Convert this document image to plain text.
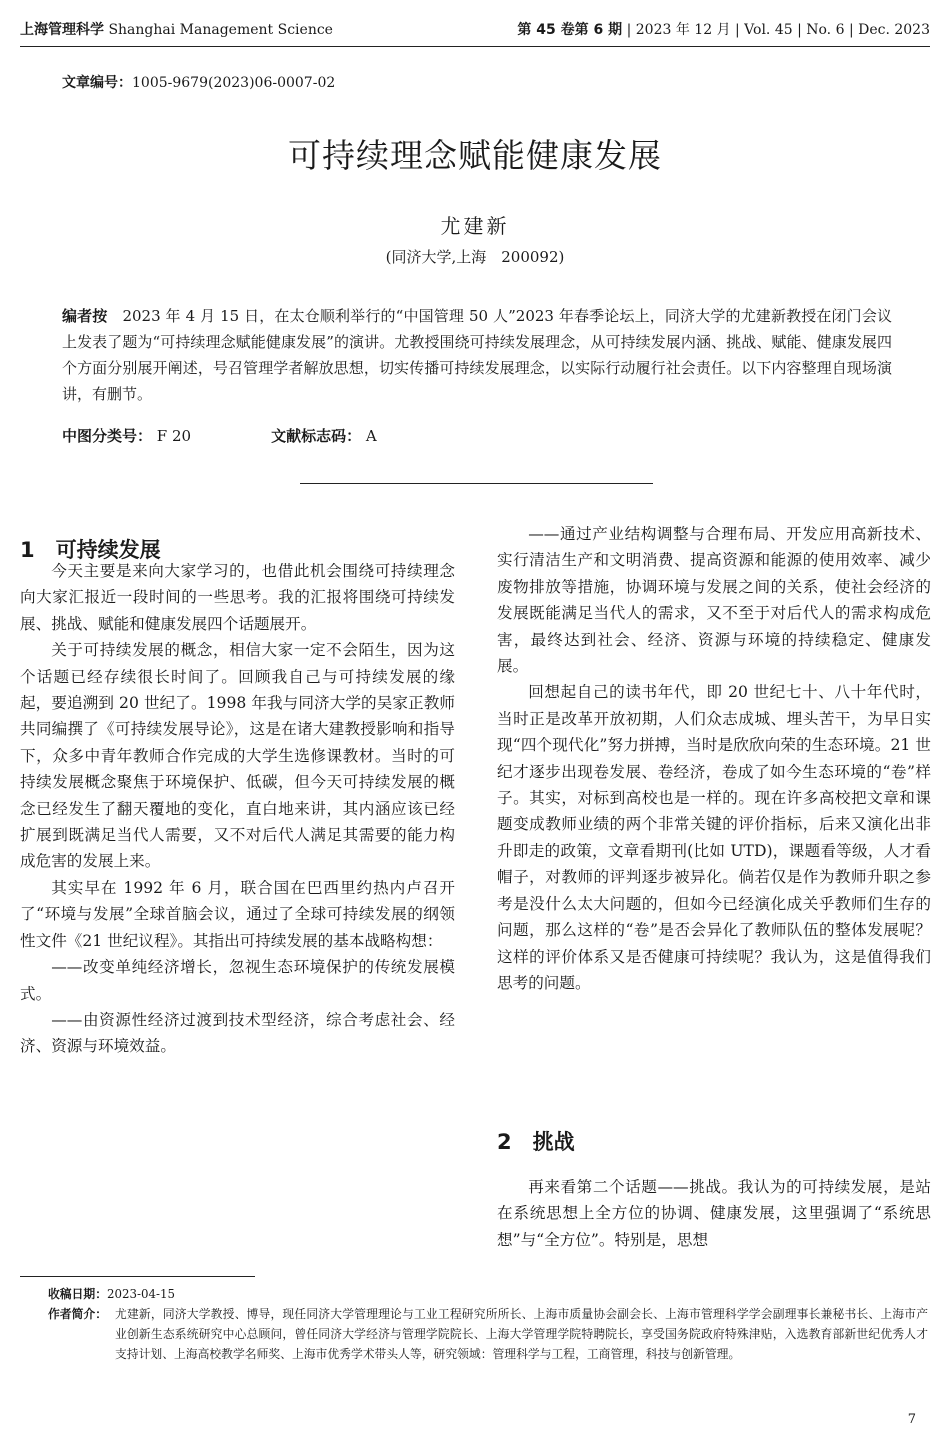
上海管理科学 Shanghai Management Science	第 45 卷第 6 期 | 2023 年 12 月 | Vol. 45 | No. 6 | Dec. 2023
文章编号：1005-9679(2023)06-0007-02
可持续理念赋能健康发展
尤建新
(同济大学,上海　200092)
编者按  2023 年 4 月 15 日，在太仓顺利举行的“中国管理 50 人”2023 年春季论坛上，同济大学的尤建新教授在闭门会议上发表了题为“可持续理念赋能健康发展”的演讲。尤教授围绕可持续发展理念，从可持续发展内涵、挑战、赋能、健康发展四个方面分别展开阐述，号召管理学者解放思想，切实传播可持续发展理念，以实际行动履行社会责任。以下内容整理自现场演讲，有删节。
中图分类号： F 20	文献标志码： A
1　可持续发展

今天主要是来向大家学习的，也借此机会围绕可持续理念向大家汇报近一段时间的一些思考。我的汇报将围绕可持续发展、挑战、赋能和健康发展四个话题展开。

关于可持续发展的概念，相信大家一定不会陌生，因为这个话题已经存续很长时间了。回顾我自己与可持续发展的缘起，要追溯到 20 世纪了。1998 年我与同济大学的吴家正教师共同编撰了《可持续发展导论》，这是在诸大建教授影响和指导下，众多中青年教师合作完成的大学生选修课教材。当时的可持续发展概念聚焦于环境保护、低碳，但今天可持续发展的概念已经发生了翻天覆地的变化，直白地来讲，其内涵应该已经扩展到既满足当代人需要，又不对后代人满足其需要的能力构成危害的发展上来。

其实早在 1992 年 6 月，联合国在巴西里约热内卢召开了“环境与发展”全球首脑会议，通过了全球可持续发展的纲领性文件《21 世纪议程》。其指出可持续发展的基本战略构想：

——改变单纯经济增长，忽视生态环境保护的传统发展模式。

——由资源性经济过渡到技术型经济，综合考虑社会、经济、资源与环境效益。

——通过产业结构调整与合理布局、开发应用高新技术、实行清洁生产和文明消费、提高资源和能源的使用效率、减少废物排放等措施，协调环境与发展之间的关系，使社会经济的发展既能满足当代人的需求，又不至于对后代人的需求构成危害，最终达到社会、经济、资源与环境的持续稳定、健康发展。

回想起自己的读书年代，即 20 世纪七十、八十年代时，当时正是改革开放初期，人们众志成城、埋头苦干，为早日实现“四个现代化”努力拼搏，当时是欣欣向荣的生态环境。21 世纪才逐步出现卷发展、卷经济，卷成了如今生态环境的“卷”样子。其实，对标到高校也是一样的。现在许多高校把文章和课题变成教师业绩的两个非常关键的评价指标，后来又演化出非升即走的政策，文章看期刊(比如 UTD)，课题看等级，人才看帽子，对教师的评判逐步被异化。倘若仅是作为教师升职之参考是没什么太大问题的，但如今已经演化成关乎教师们生存的问题，那么这样的“卷”是否会异化了教师队伍的整体发展呢？这样的评价体系又是否健康可持续呢？我认为，这是值得我们思考的问题。

2　挑战

再来看第二个话题——挑战。我认为的可持续发展，是站在系统思想上全方位的协调、健康发展，这里强调了“系统思想”与“全方位”。特别是，思想

收稿日期：2023-04-15
作者简介： 尤建新，同济大学教授、博导，现任同济大学管理理论与工业工程研究所所长、上海市质量协会副会长、上海市管理科学学会副理事长兼秘书长、上海市产业创新生态系统研究中心总顾问，曾任同济大学经济与管理学院院长、上海大学管理学院特聘院长，享受国务院政府特殊津贴，入选教育部新世纪优秀人才支持计划、上海高校教学名师奖、上海市优秀学术带头人等，研究领域：管理科学与工程，工商管理，科技与创新管理。
7
